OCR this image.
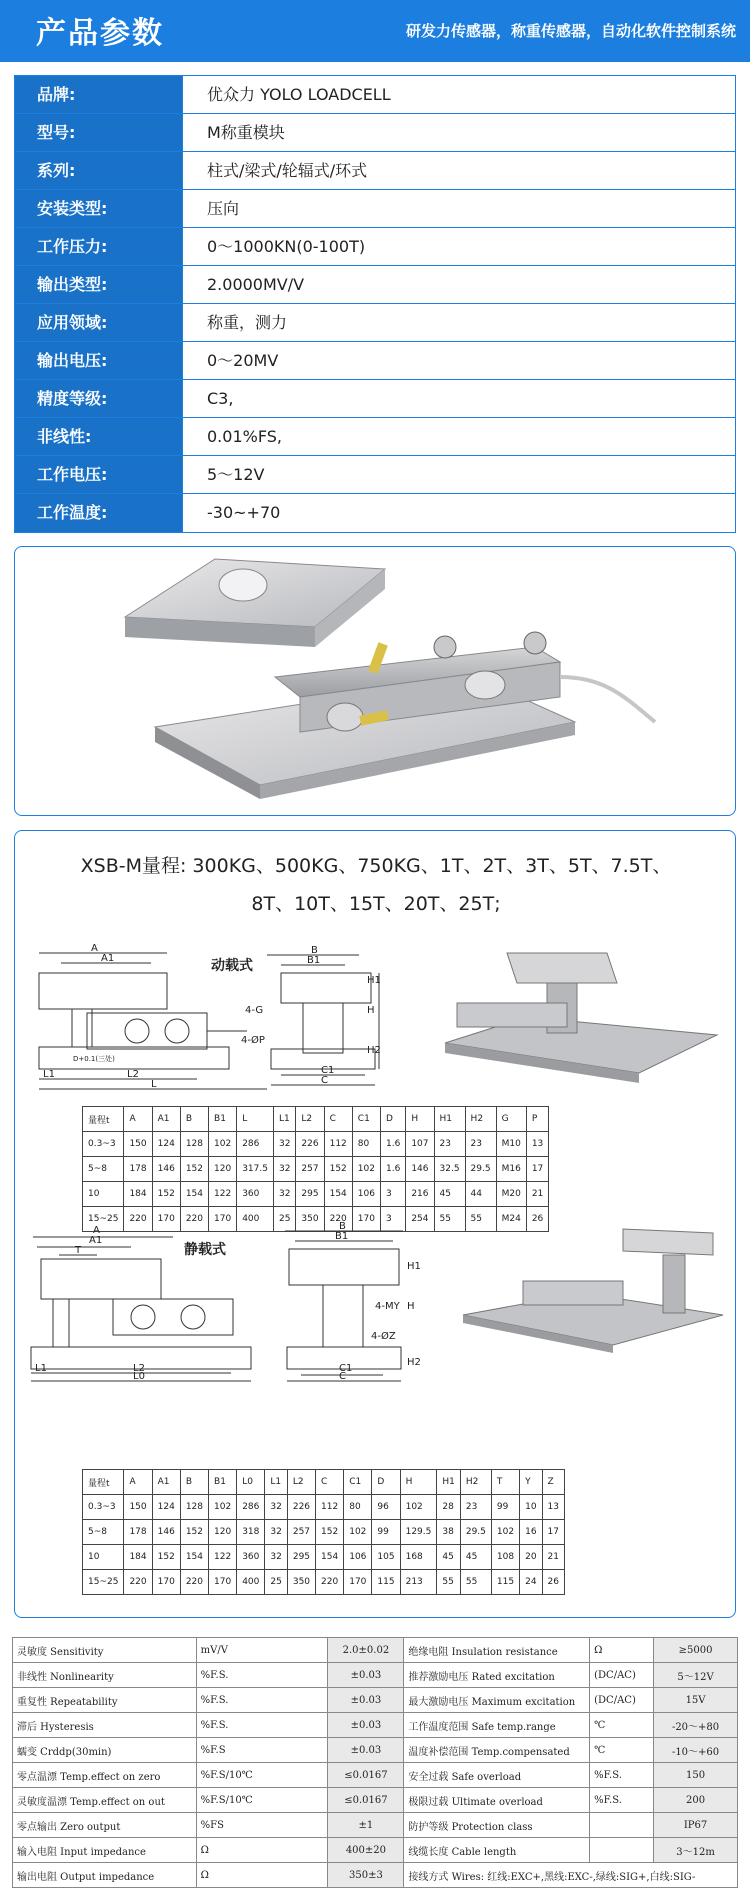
产品参数	研发力传感器，称重传感器，自动化软件控制系统
品牌:	优众力 YOLO LOADCELL
型号:	M称重模块
系列:	柱式/梁式/轮辐式/环式
安装类型:	压向
工作压力:	0～1000KN(0-100T)
输出类型:	2.0000MV/V
应用领域:	称重，测力
输出电压:	0～20MV
精度等级:	C3,
非线性:	0.01%FS,
工作电压:	5～12V
工作温度:	-30~+70
XSB-M量程: 300KG、500KG、750KG、1T、2T、3T、5T、7.5T、
8T、10T、15T、20T、25T;
动载式
A
A1
B
B1
H
H1
H2
4-G
4-ØP
C1
C
L
L1	L2
D+0.1(三处)
量程t	A	A1	B	B1	L	L1	L2	C	C1	D	H	H1	H2	G	P
0.3~3	150	124	128	102	286	32	226	112	80	1.6	107	23	23	M10	13
5~8	178	146	152	120	317.5	32	257	152	102	1.6	146	32.5	29.5	M16	17
10	184	152	154	122	360	32	295	154	106	3	216	45	44	M20	21
15~25	220	170	220	170	400	25	350	220	170	3	254	55	55	M24	26
静载式
A
A1
T
B
B1
H1
H
H2
4-MY
4-ØZ
C1
C
L0
L1	L2
量程t	A	A1	B	B1	L0	L1	L2	C	C1	D	H	H1	H2	T	Y	Z
0.3~3	150	124	128	102	286	32	226	112	80	96	102	28	23	99	10	13
5~8	178	146	152	120	318	32	257	152	102	99	129.5	38	29.5	102	16	17
10	184	152	154	122	360	32	295	154	106	105	168	45	45	108	20	21
15~25	220	170	220	170	400	25	350	220	170	115	213	55	55	115	24	26
灵敏度 Sensitivity	mV/V	2.0±0.02	绝缘电阻 Insulation resistance	Ω	≥5000
非线性 Nonlinearity	%F.S.	±0.03	推荐激励电压 Rated excitation	(DC/AC)	5～12V
重复性 Repeatability	%F.S.	±0.03	最大激励电压 Maximum excitation	(DC/AC)	15V
滞后 Hysteresis	%F.S.	±0.03	工作温度范围 Safe temp.range	℃	-20～+80
蠕变 Crddp(30min)	%F.S	±0.03	温度补偿范围 Temp.compensated	℃	-10～+60
零点温漂 Temp.effect on zero	%F.S/10℃	≤0.0167	安全过载 Safe overload	%F.S.	150
灵敏度温漂 Temp.effect on out	%F.S/10℃	≤0.0167	极限过载 Ultimate overload	%F.S.	200
零点输出 Zero output	%FS	±1	防护等级 Protection class		IP67
输入电阻 Input impedance	Ω	400±20	线缆长度 Cable length		3～12m
输出电阻 Output impedance	Ω	350±3	接线方式 Wires: 红线:EXC+,黑线:EXC-,绿线:SIG+,白线:SIG-		
